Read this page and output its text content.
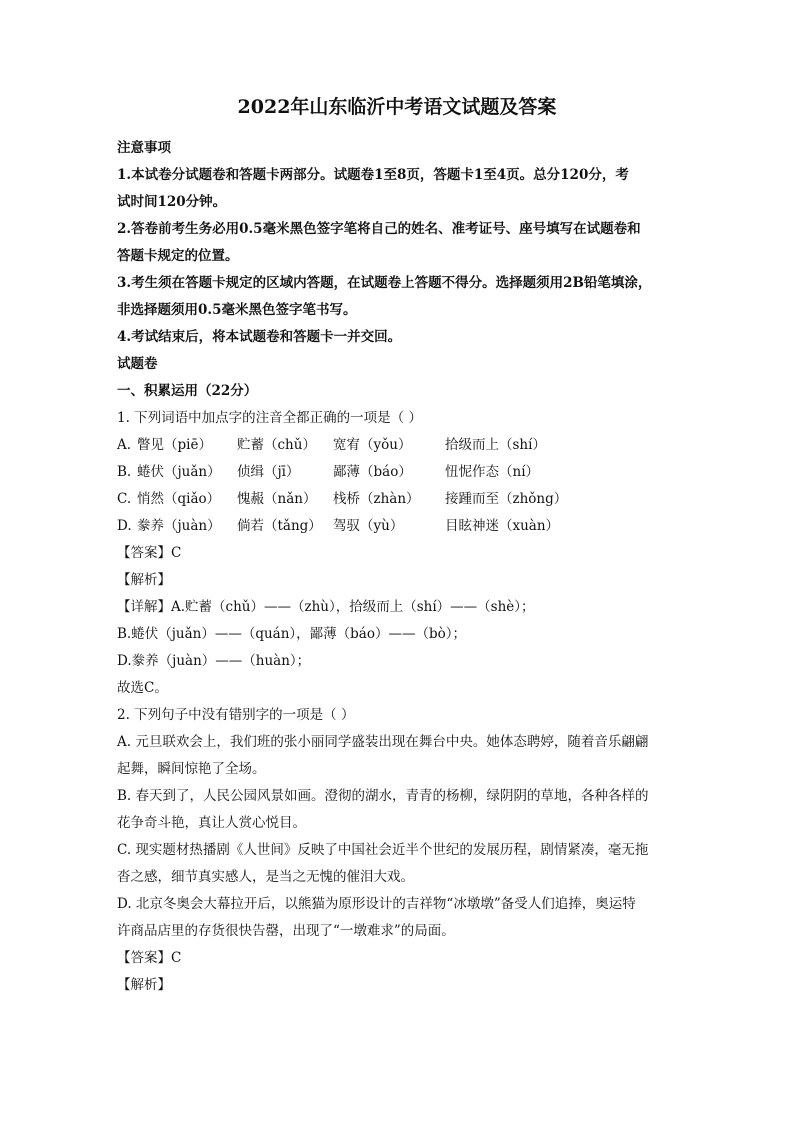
2022年山东临沂中考语文试题及答案
注意事项
1.本试卷分试题卷和答题卡两部分。试题卷1至8页，答题卡1至4页。总分120分，考
试时间120分钟。
2.答卷前考生务必用0.5毫米黑色签字笔将自己的姓名、准考证号、座号填写在试题卷和
答题卡规定的位置。
3.考生须在答题卡规定的区域内答题，在试题卷上答题不得分。选择题须用2B铅笔填涂，
非选择题须用0.5毫米黑色签字笔书写。
4.考试结束后，将本试题卷和答题卡一并交回。
试题卷
一、积累运用（22分）
1. 下列词语中加点字的注音全都正确的一项是（ ）
A. 瞥见（piē）	贮蓄（chǔ）	宽宥（yǒu）	拾级而上（shí）
B. 蜷伏（juǎn）	侦缉（jī）	鄙薄（báo）	忸怩作态（ní）
C. 悄然（qiǎo）	愧赧（nǎn）	栈桥（zhàn）	接踵而至（zhǒng）
D. 豢养（juàn）	倘若（tǎng） 驾驭（yù）	目眩神迷（xuàn）
【答案】C
【解析】
【详解】A.贮蓄（chǔ）——（zhù），拾级而上（shí）——（shè）；
B.蜷伏（juǎn）——（quán），鄙薄（báo）——（bò）；
D.豢养（juàn）——（huàn）；
故选C。
2. 下列句子中没有错别字的一项是（ ）
A. 元旦联欢会上，我们班的张小丽同学盛装出现在舞台中央。她体态聘婷，随着音乐翩翩
起舞，瞬间惊艳了全场。
B. 春天到了，人民公园风景如画。澄彻的湖水，青青的杨柳，绿阴阴的草地，各种各样的
花争奇斗艳，真让人赏心悦目。
C. 现实题材热播剧《人世间》反映了中国社会近半个世纪的发展历程，剧情紧凑，毫无拖
沓之感，细节真实感人，是当之无愧的催泪大戏。
D. 北京冬奥会大幕拉开后，以熊猫为原形设计的吉祥物“冰墩墩”备受人们追捧，奥运特
许商品店里的存货很快告罄，出现了“一墩难求”的局面。
【答案】C
【解析】
